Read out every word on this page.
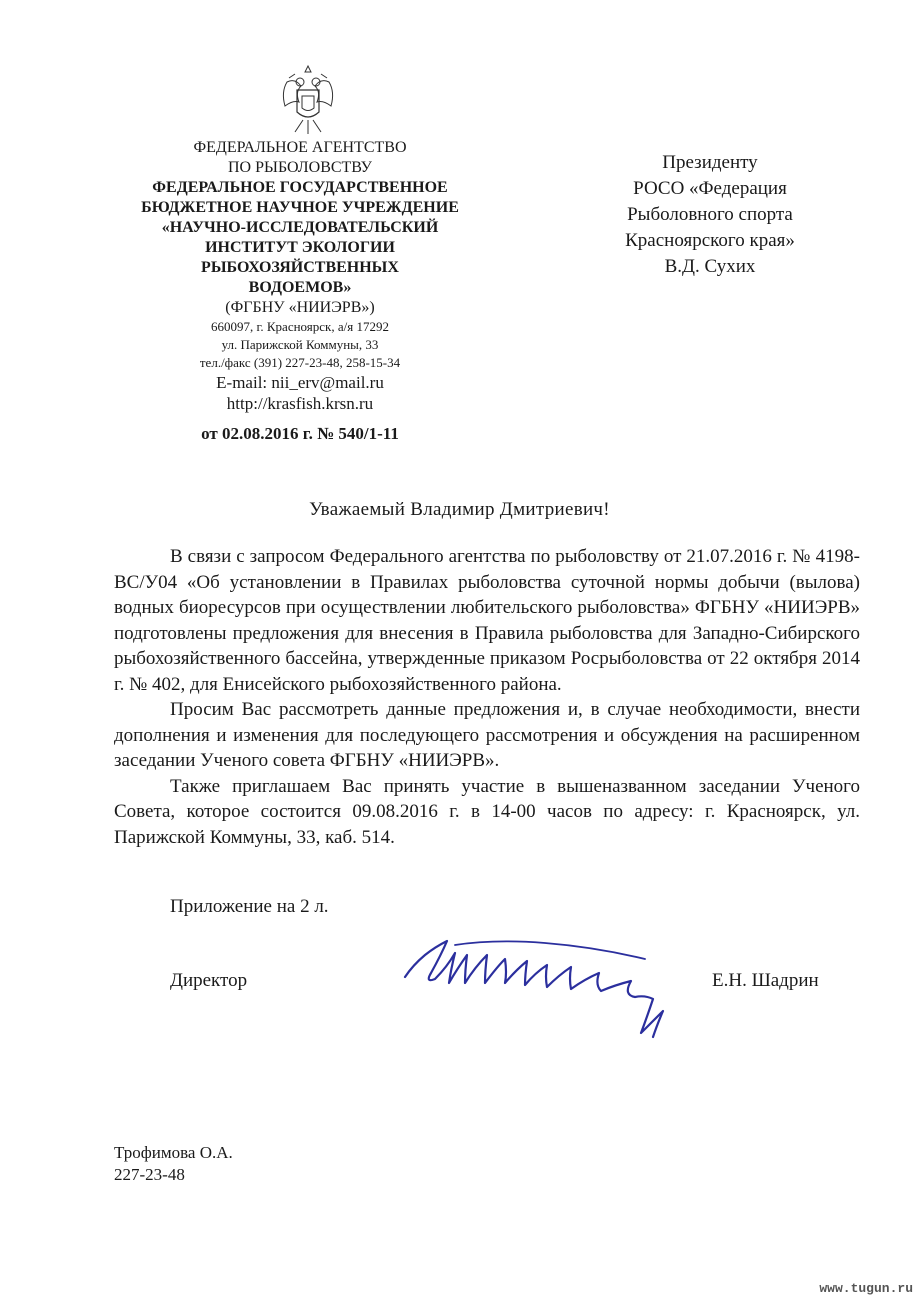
ФЕДЕРАЛЬНОЕ АГЕНТСТВО
ПО РЫБОЛОВСТВУ
ФЕДЕРАЛЬНОЕ ГОСУДАРСТВЕННОЕ
БЮДЖЕТНОЕ НАУЧНОЕ УЧРЕЖДЕНИЕ
«НАУЧНО-ИССЛЕДОВАТЕЛЬСКИЙ
ИНСТИТУТ ЭКОЛОГИИ
РЫБОХОЗЯЙСТВЕННЫХ
ВОДОЕМОВ»
(ФГБНУ «НИИЭРВ»)
660097, г. Красноярск, а/я 17292
ул. Парижской Коммуны, 33
тел./факс (391) 227-23-48, 258-15-34
E-mail: nii_erv@mail.ru
http://krasfish.krsn.ru
от 02.08.2016 г. № 540/1-11
Президенту
РОСО «Федерация
Рыболовного спорта
Красноярского края»
В.Д. Сухих
Уважаемый Владимир Дмитриевич!

В связи с запросом Федерального агентства по рыболовству от 21.07.2016 г. № 4198-ВС/У04 «Об установлении в Правилах рыболовства суточной нормы добычи (вылова) водных биоресурсов при осуществлении любительского рыболовства» ФГБНУ «НИИЭРВ» подготовлены предложения для внесения в Правила рыболовства для Западно-Сибирского рыбохозяйственного бассейна, утвержденные приказом Росрыболовства от 22 октября 2014 г. № 402, для Енисейского рыбохозяйственного района.

Просим Вас рассмотреть данные предложения и, в случае необходимости, внести дополнения и изменения для последующего рассмотрения и обсуждения на расширенном заседании Ученого совета ФГБНУ «НИИЭРВ».

Также приглашаем Вас принять участие в вышеназванном заседании Ученого Совета, которое состоится 09.08.2016 г. в 14-00 часов по адресу: г. Красноярск, ул. Парижской Коммуны, 33, каб. 514.

Приложение на 2 л.
Директор	Е.Н. Шадрин
Трофимова О.А.
227-23-48
www.tugun.ru
